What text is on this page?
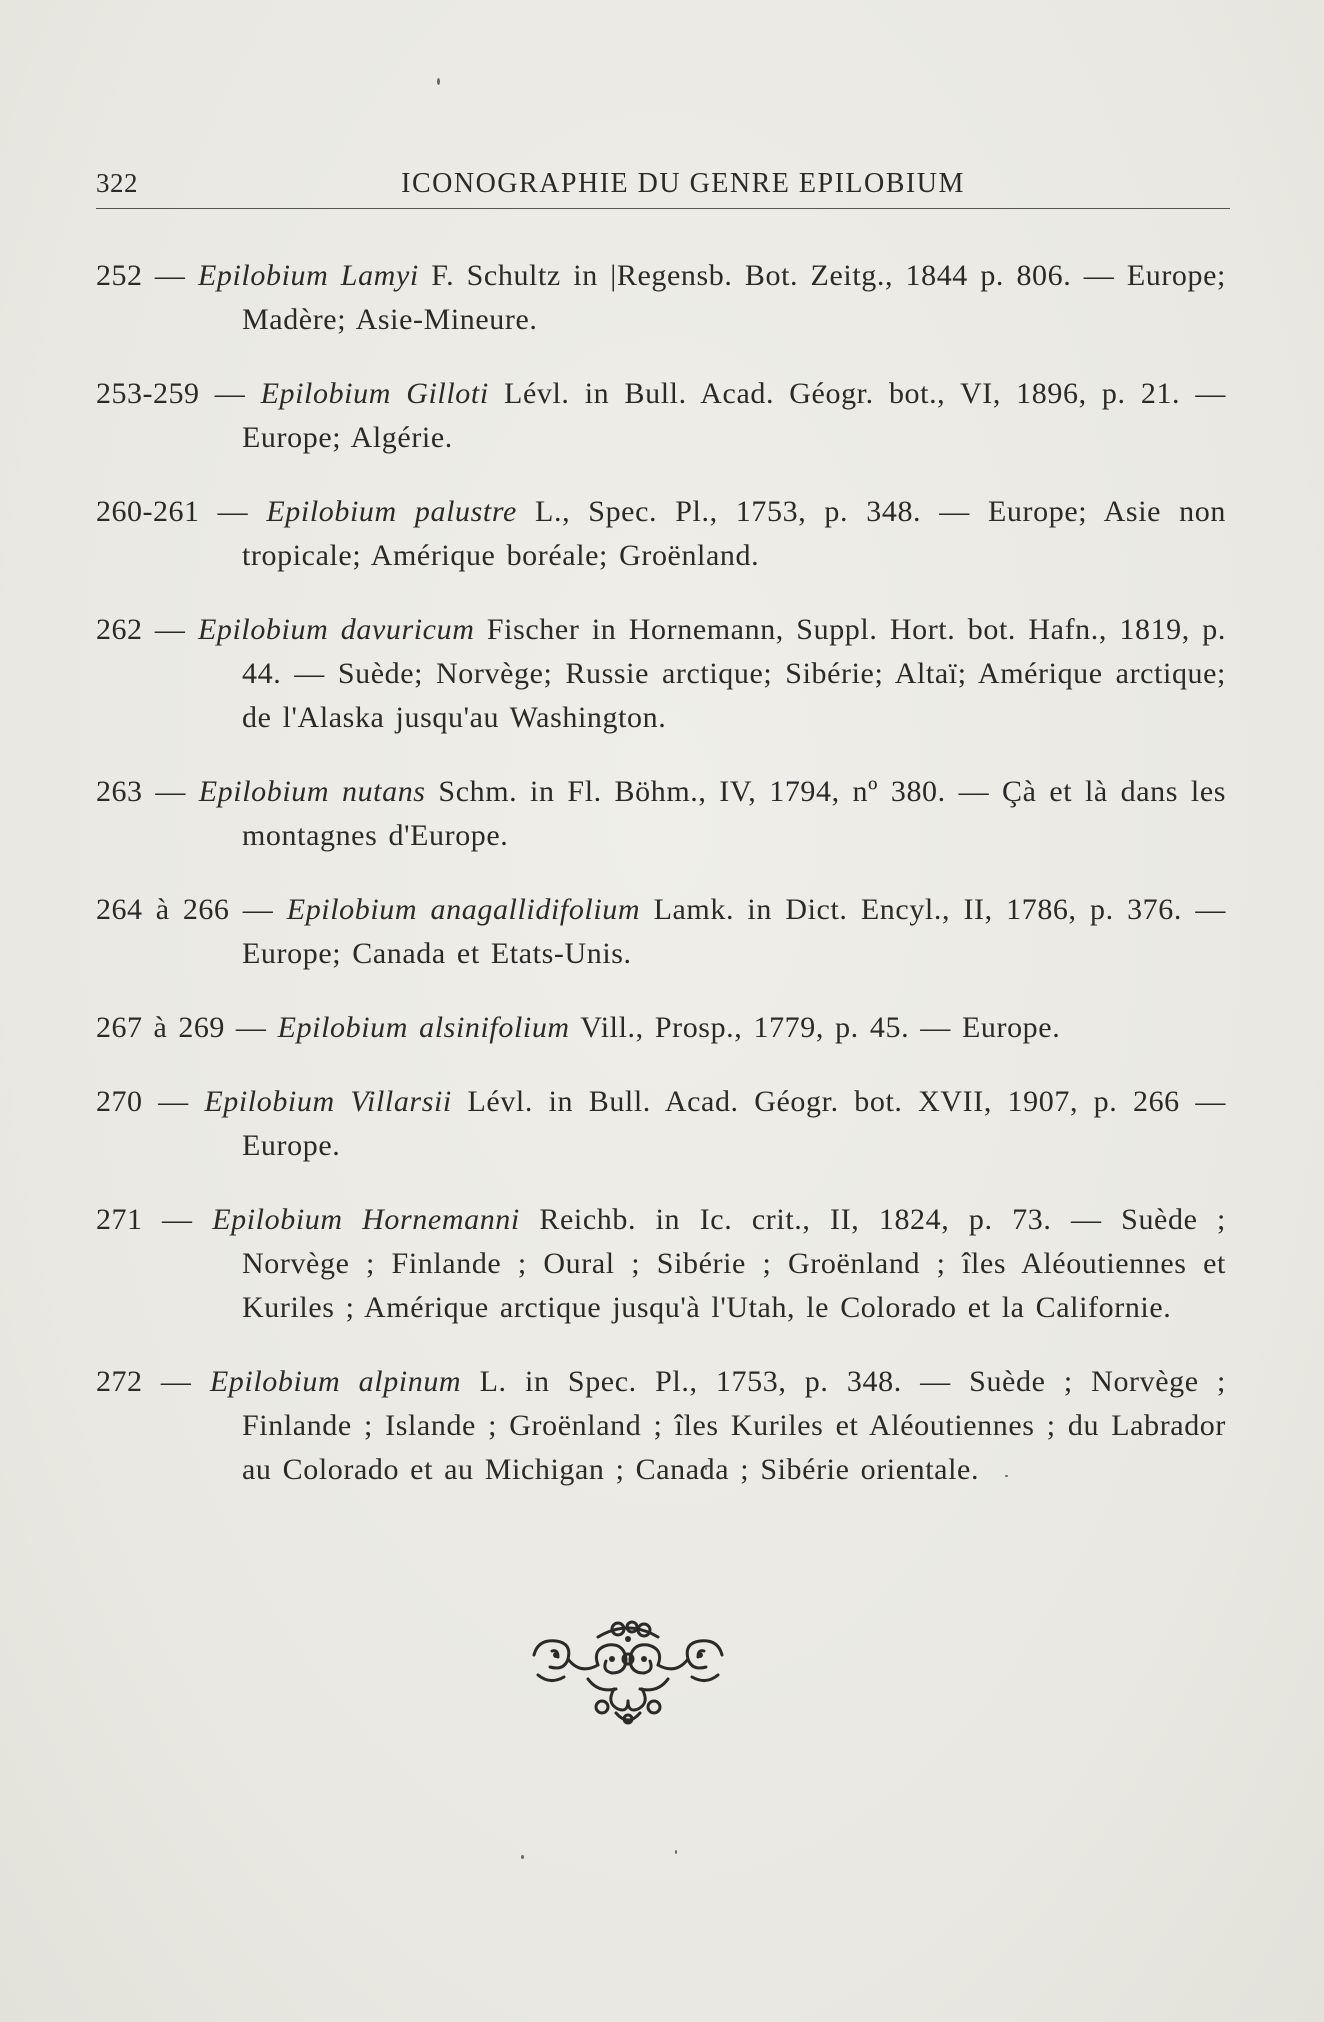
322	ICONOGRAPHIE DU GENRE EPILOBIUM

252 — Epilobium Lamyi F. Schultz in |Regensb. Bot. Zeitg., 1844 p. 806. — Europe; Madère; Asie-Mineure.

253-259 — Epilobium Gilloti Lévl. in Bull. Acad. Géogr. bot., VI, 1896, p. 21. — Europe; Algérie.

260-261 — Epilobium palustre L., Spec. Pl., 1753, p. 348. — Europe; Asie non tropicale; Amérique boréale; Groënland.

262 — Epilobium davuricum Fischer in Hornemann, Suppl. Hort. bot. Hafn., 1819, p. 44. — Suède; Norvège; Russie arctique; Sibérie; Altaï; Amérique arctique; de l'Alaska jusqu'au Washington.

263 — Epilobium nutans Schm. in Fl. Böhm., IV, 1794, nº 380. — Çà et là dans les montagnes d'Europe.

264 à 266 — Epilobium anagallidifolium Lamk. in Dict. Encyl., II, 1786, p. 376. — Europe; Canada et Etats-Unis.

267 à 269 — Epilobium alsinifolium Vill., Prosp., 1779, p. 45. — Europe.

270 — Epilobium Villarsii Lévl. in Bull. Acad. Géogr. bot. XVII, 1907, p. 266 — Europe.

271 — Epilobium Hornemanni Reichb. in Ic. crit., II, 1824, p. 73. — Suède ; Norvège ; Finlande ; Oural ; Sibérie ; Groënland ; îles Aléoutiennes et Kuriles ; Amérique arctique jusqu'à l'Utah, le Colorado et la Californie.

272 — Epilobium alpinum L. in Spec. Pl., 1753, p. 348. — Suède ; Norvège ; Finlande ; Islande ; Groënland ; îles Kuriles et Aléoutiennes ; du Labrador au Colorado et au Michigan ; Canada ; Sibérie orientale.
